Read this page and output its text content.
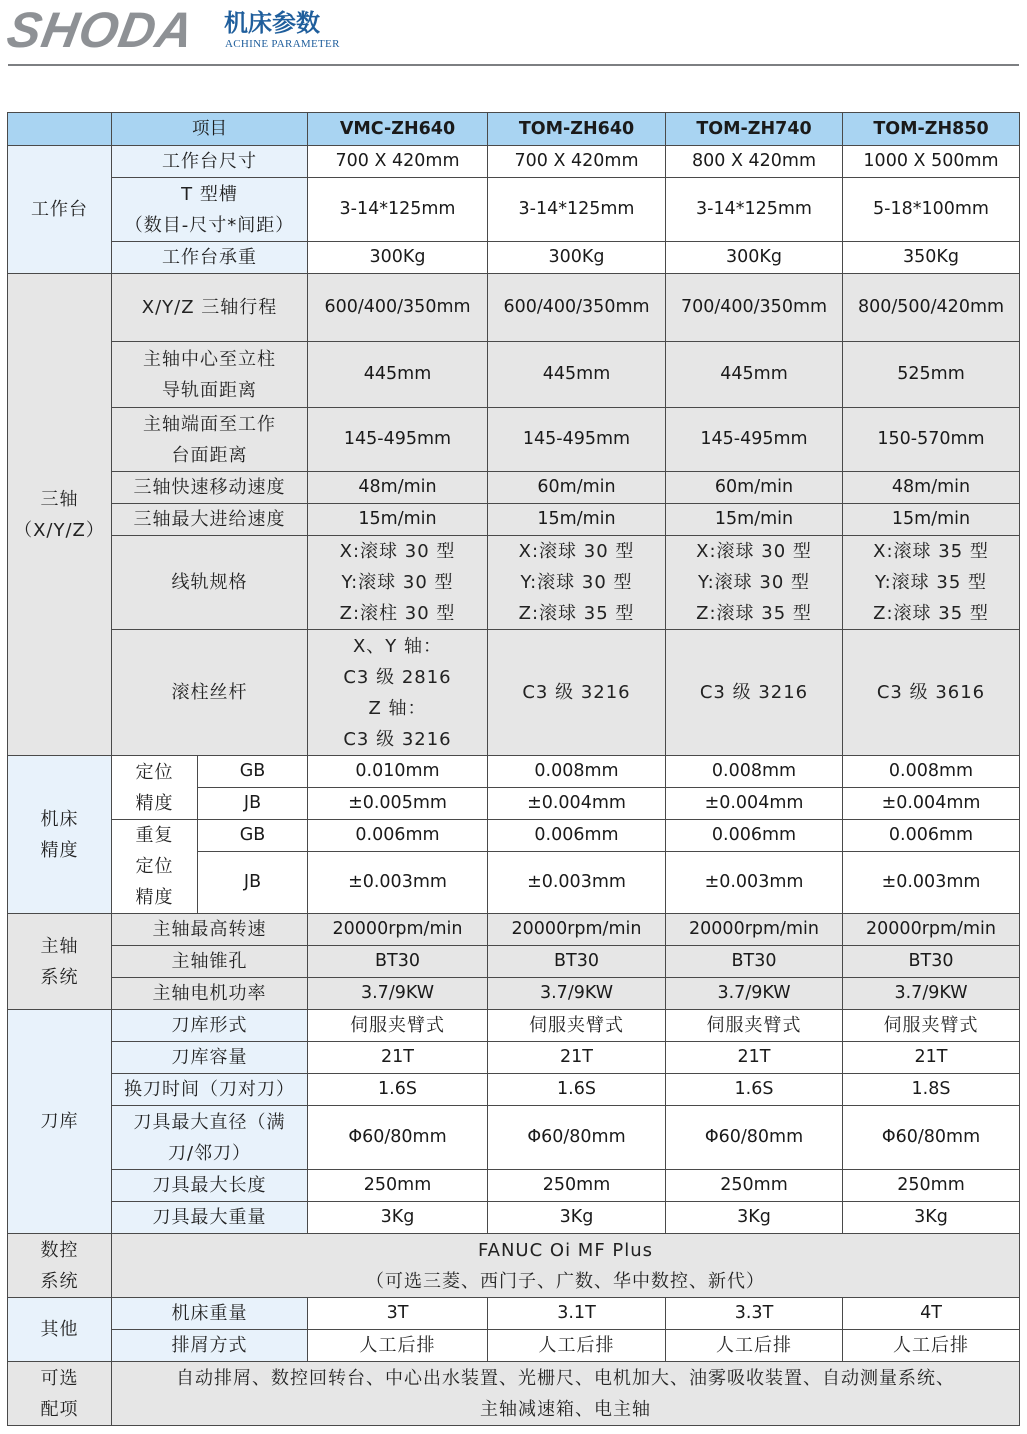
SHODA 机床参数
ACHINE PARAMETER
	项目		VMC-ZH640	TOM-ZH640	TOM-ZH740	TOM-ZH850
工作台	工作台尺寸		700 X 420mm	700 X 420mm	800 X 420mm	1000 X 500mm
	T 型槽
（数目-尺寸*间距）		3-14*125mm	3-14*125mm	3-14*125mm	5-18*100mm
	工作台承重		300Kg	300Kg	300Kg	350Kg
三轴
（X/Y/Z）	X/Y/Z 三轴行程		600/400/350mm	600/400/350mm	700/400/350mm	800/500/420mm
	主轴中心至立柱
导轨面距离		445mm	445mm	445mm	525mm
	主轴端面至工作
台面距离		145-495mm	145-495mm	145-495mm	150-570mm
	三轴快速移动速度		48m/min	60m/min	60m/min	48m/min
	三轴最大进给速度		15m/min	15m/min	15m/min	15m/min
	线轨规格		X:滚球 30 型
Y:滚球 30 型
Z:滚柱 30 型	X:滚球 30 型
Y:滚球 30 型
Z:滚球 35 型	X:滚球 30 型
Y:滚球 30 型
Z:滚球 35 型	X:滚球 35 型
Y:滚球 35 型
Z:滚球 35 型
	滚柱丝杆		X、Y 轴：
C3 级 2816
Z 轴：
C3 级 3216	C3 级 3216	C3 级 3216	C3 级 3616
机床
精度	定位
精度	GB	0.010mm	0.008mm	0.008mm	0.008mm
		JB	±0.005mm	±0.004mm	±0.004mm	±0.004mm
	重复
定位
精度	GB	0.006mm	0.006mm	0.006mm	0.006mm
		JB	±0.003mm	±0.003mm	±0.003mm	±0.003mm
主轴
系统	主轴最高转速		20000rpm/min	20000rpm/min	20000rpm/min	20000rpm/min
	主轴锥孔		BT30	BT30	BT30	BT30
	主轴电机功率		3.7/9KW	3.7/9KW	3.7/9KW	3.7/9KW
刀库	刀库形式		伺服夹臂式	伺服夹臂式	伺服夹臂式	伺服夹臂式
	刀库容量		21T	21T	21T	21T
	换刀时间（刀对刀）		1.6S	1.6S	1.6S	1.8S
	刀具最大直径（满
刀/邻刀）		Φ60/80mm	Φ60/80mm	Φ60/80mm	Φ60/80mm
	刀具最大长度		250mm	250mm	250mm	250mm
	刀具最大重量		3Kg	3Kg	3Kg	3Kg
数控
系统	FANUC Oi MF Plus
（可选三菱、西门子、广数、华中数控、新代）					
其他	机床重量		3T	3.1T	3.3T	4T
	排屑方式		人工后排	人工后排	人工后排	人工后排
可选
配项	自动排屑、数控回转台、中心出水装置、光栅尺、电机加大、油雾吸收装置、自动测量系统、
主轴减速箱、电主轴					
